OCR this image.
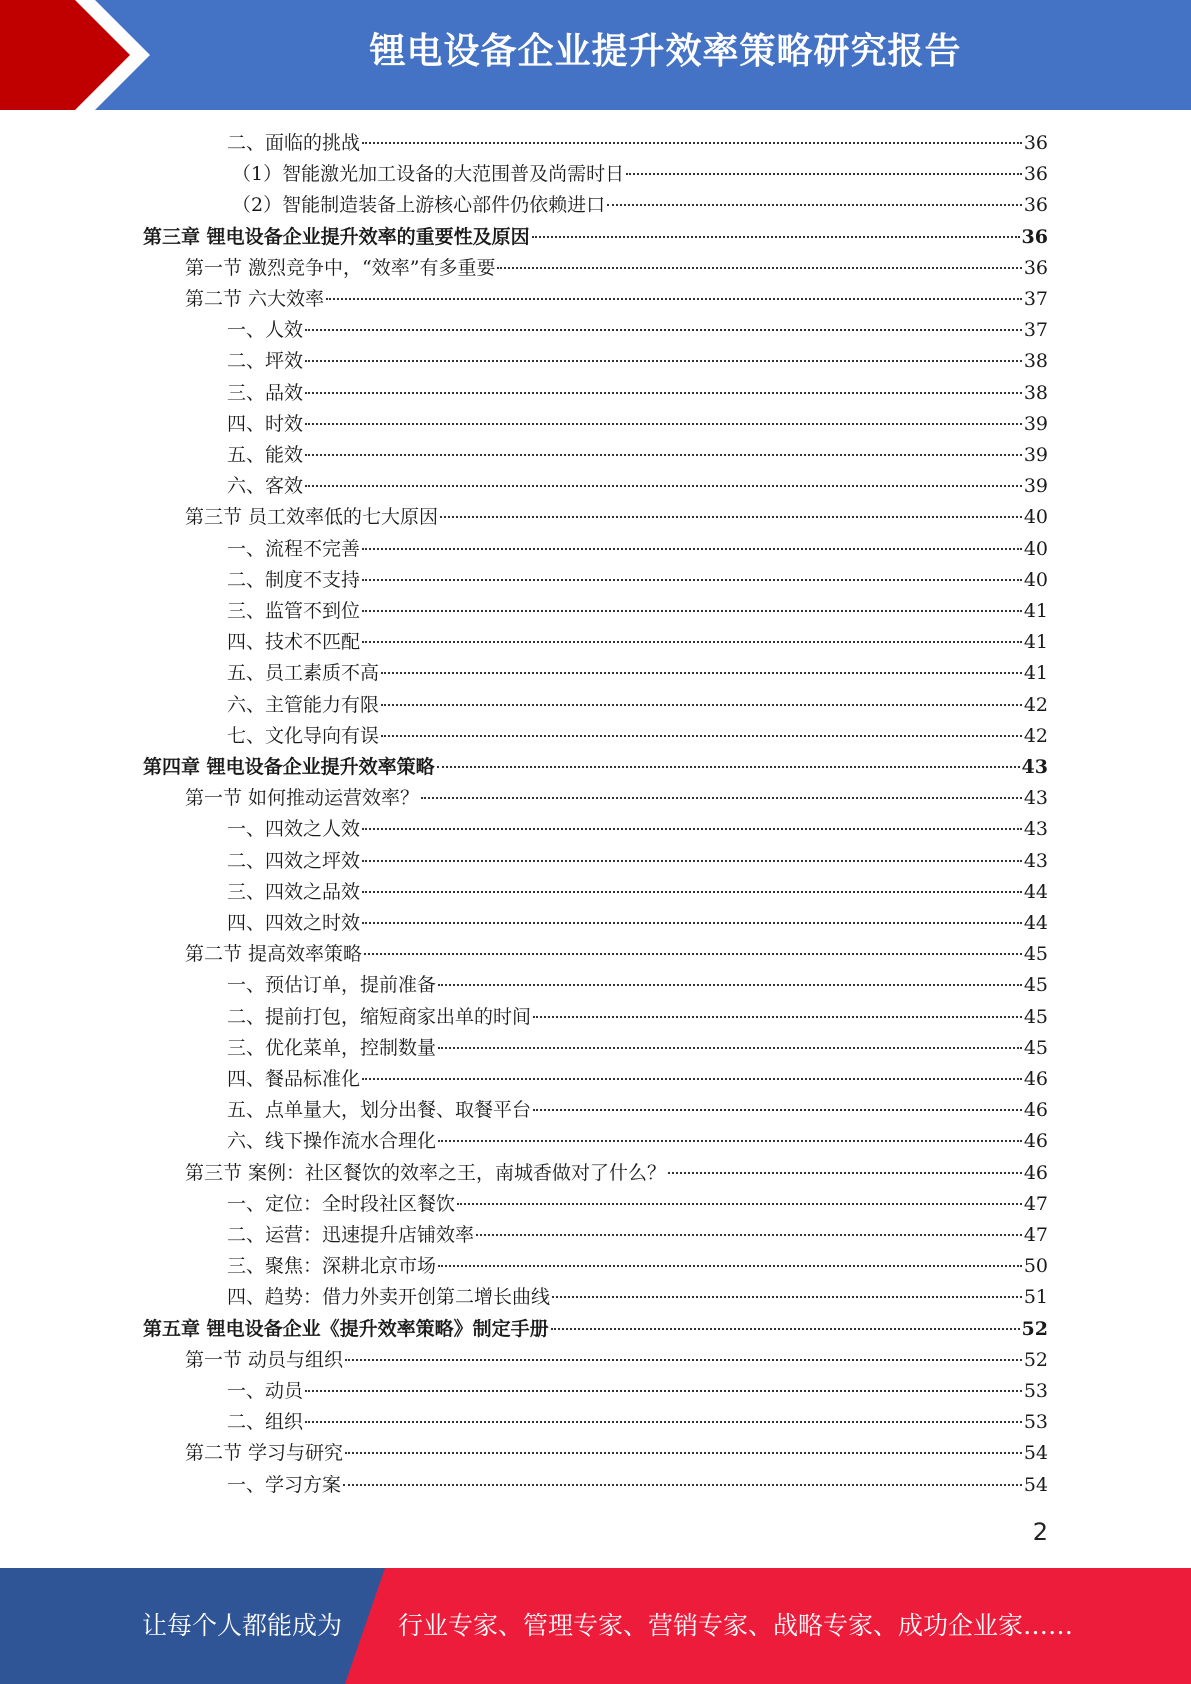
锂电设备企业提升效率策略研究报告
二、面临的挑战	36
（1）智能激光加工设备的大范围普及尚需时日	36
（2）智能制造装备上游核心部件仍依赖进口	36
第三章 锂电设备企业提升效率的重要性及原因	36
第一节 激烈竞争中，“效率”有多重要	36
第二节 六大效率	37
一、人效	37
二、坪效	38
三、品效	38
四、时效	39
五、能效	39
六、客效	39
第三节 员工效率低的七大原因	40
一、流程不完善	40
二、制度不支持	40
三、监管不到位	41
四、技术不匹配	41
五、员工素质不高	41
六、主管能力有限	42
七、文化导向有误	42
第四章 锂电设备企业提升效率策略	43
第一节 如何推动运营效率？	43
一、四效之人效	43
二、四效之坪效	43
三、四效之品效	44
四、四效之时效	44
第二节 提高效率策略	45
一、预估订单，提前准备	45
二、提前打包，缩短商家出单的时间	45
三、优化菜单，控制数量	45
四、餐品标准化	46
五、点单量大，划分出餐、取餐平台	46
六、线下操作流水合理化	46
第三节 案例：社区餐饮的效率之王，南城香做对了什么？	46
一、定位：全时段社区餐饮	47
二、运营：迅速提升店铺效率	47
三、聚焦：深耕北京市场	50
四、趋势：借力外卖开创第二增长曲线	51
第五章 锂电设备企业《提升效率策略》制定手册	52
第一节 动员与组织	52
一、动员	53
二、组织	53
第二节 学习与研究	54
一、学习方案	54
2
让每个人都能成为 行业专家、管理专家、营销专家、战略专家、成功企业家……
